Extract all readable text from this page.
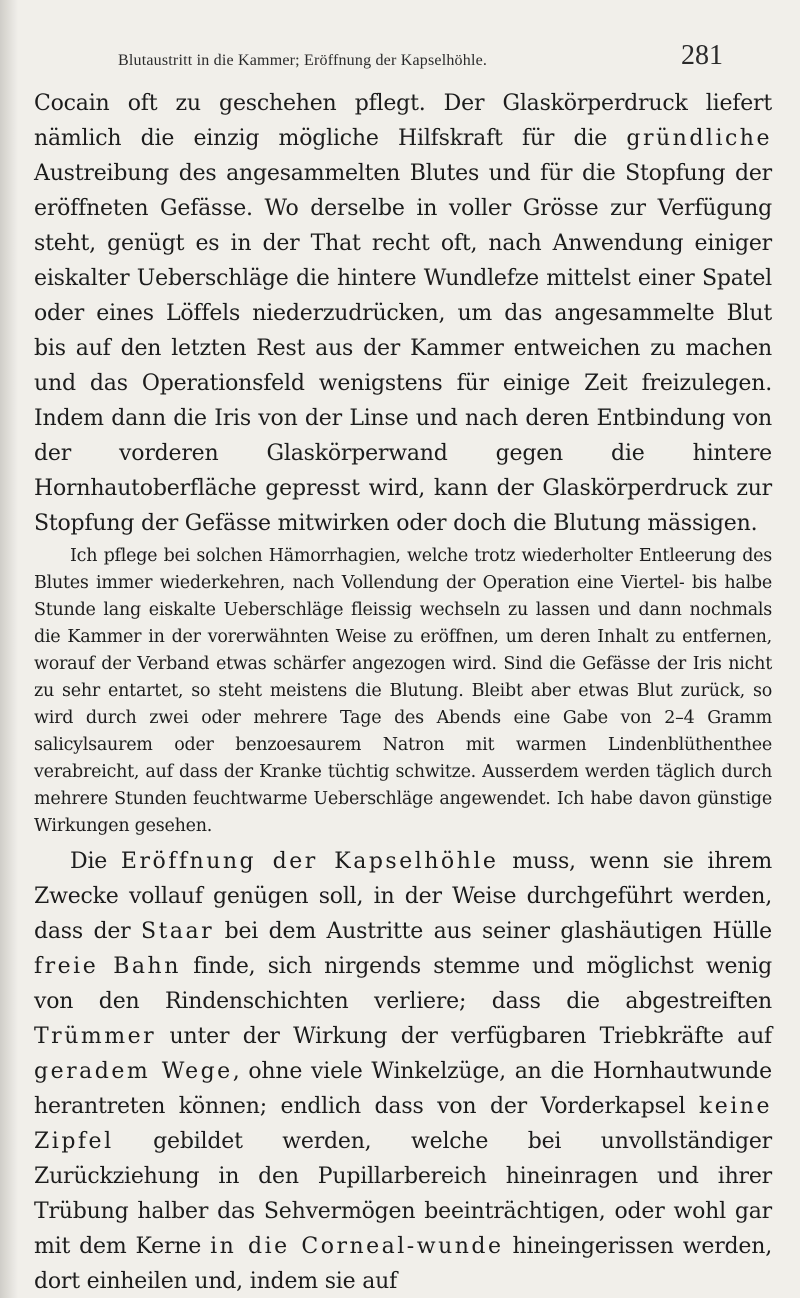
Blutaustritt in die Kammer; Eröffnung der Kapselhöhle.	281

Cocain oft zu geschehen pflegt. Der Glaskörperdruck liefert nämlich die einzig mögliche Hilfskraft für die gründliche Austreibung des angesammelten Blutes und für die Stopfung der eröffneten Gefässe. Wo derselbe in voller Grösse zur Verfügung steht, genügt es in der That recht oft, nach Anwendung einiger eiskalter Ueberschläge die hintere Wundlefze mittelst einer Spatel oder eines Löffels niederzudrücken, um das angesammelte Blut bis auf den letzten Rest aus der Kammer entweichen zu machen und das Operationsfeld wenigstens für einige Zeit freizulegen. Indem dann die Iris von der Linse und nach deren Entbindung von der vorderen Glaskörperwand gegen die hintere Hornhautoberfläche gepresst wird, kann der Glaskörperdruck zur Stopfung der Gefässe mitwirken oder doch die Blutung mässigen.

Ich pflege bei solchen Hämorrhagien, welche trotz wiederholter Entleerung des Blutes immer wiederkehren, nach Vollendung der Operation eine Viertel- bis halbe Stunde lang eiskalte Ueberschläge fleissig wechseln zu lassen und dann nochmals die Kammer in der vorerwähnten Weise zu eröffnen, um deren Inhalt zu entfernen, worauf der Verband etwas schärfer angezogen wird. Sind die Gefässe der Iris nicht zu sehr entartet, so steht meistens die Blutung. Bleibt aber etwas Blut zurück, so wird durch zwei oder mehrere Tage des Abends eine Gabe von 2–4 Gramm salicylsaurem oder benzoesaurem Natron mit warmen Lindenblüthenthee verabreicht, auf dass der Kranke tüchtig schwitze. Ausserdem werden täglich durch mehrere Stunden feuchtwarme Ueberschläge angewendet. Ich habe davon günstige Wirkungen gesehen.

Die Eröffnung der Kapselhöhle muss, wenn sie ihrem Zwecke vollauf genügen soll, in der Weise durchgeführt werden, dass der Staar bei dem Austritte aus seiner glashäutigen Hülle freie Bahn finde, sich nirgends stemme und möglichst wenig von den Rindenschichten verliere; dass die abgestreiften Trümmer unter der Wirkung der verfügbaren Triebkräfte auf geradem Wege, ohne viele Winkelzüge, an die Hornhautwunde herantreten können; endlich dass von der Vorderkapsel keine Zipfel gebildet werden, welche bei unvollständiger Zurückziehung in den Pupillarbereich hineinragen und ihrer Trübung halber das Sehvermögen beeinträchtigen, oder wohl gar mit dem Kerne in die Corneal-wunde hineingerissen werden, dort einheilen und, indem sie auf
